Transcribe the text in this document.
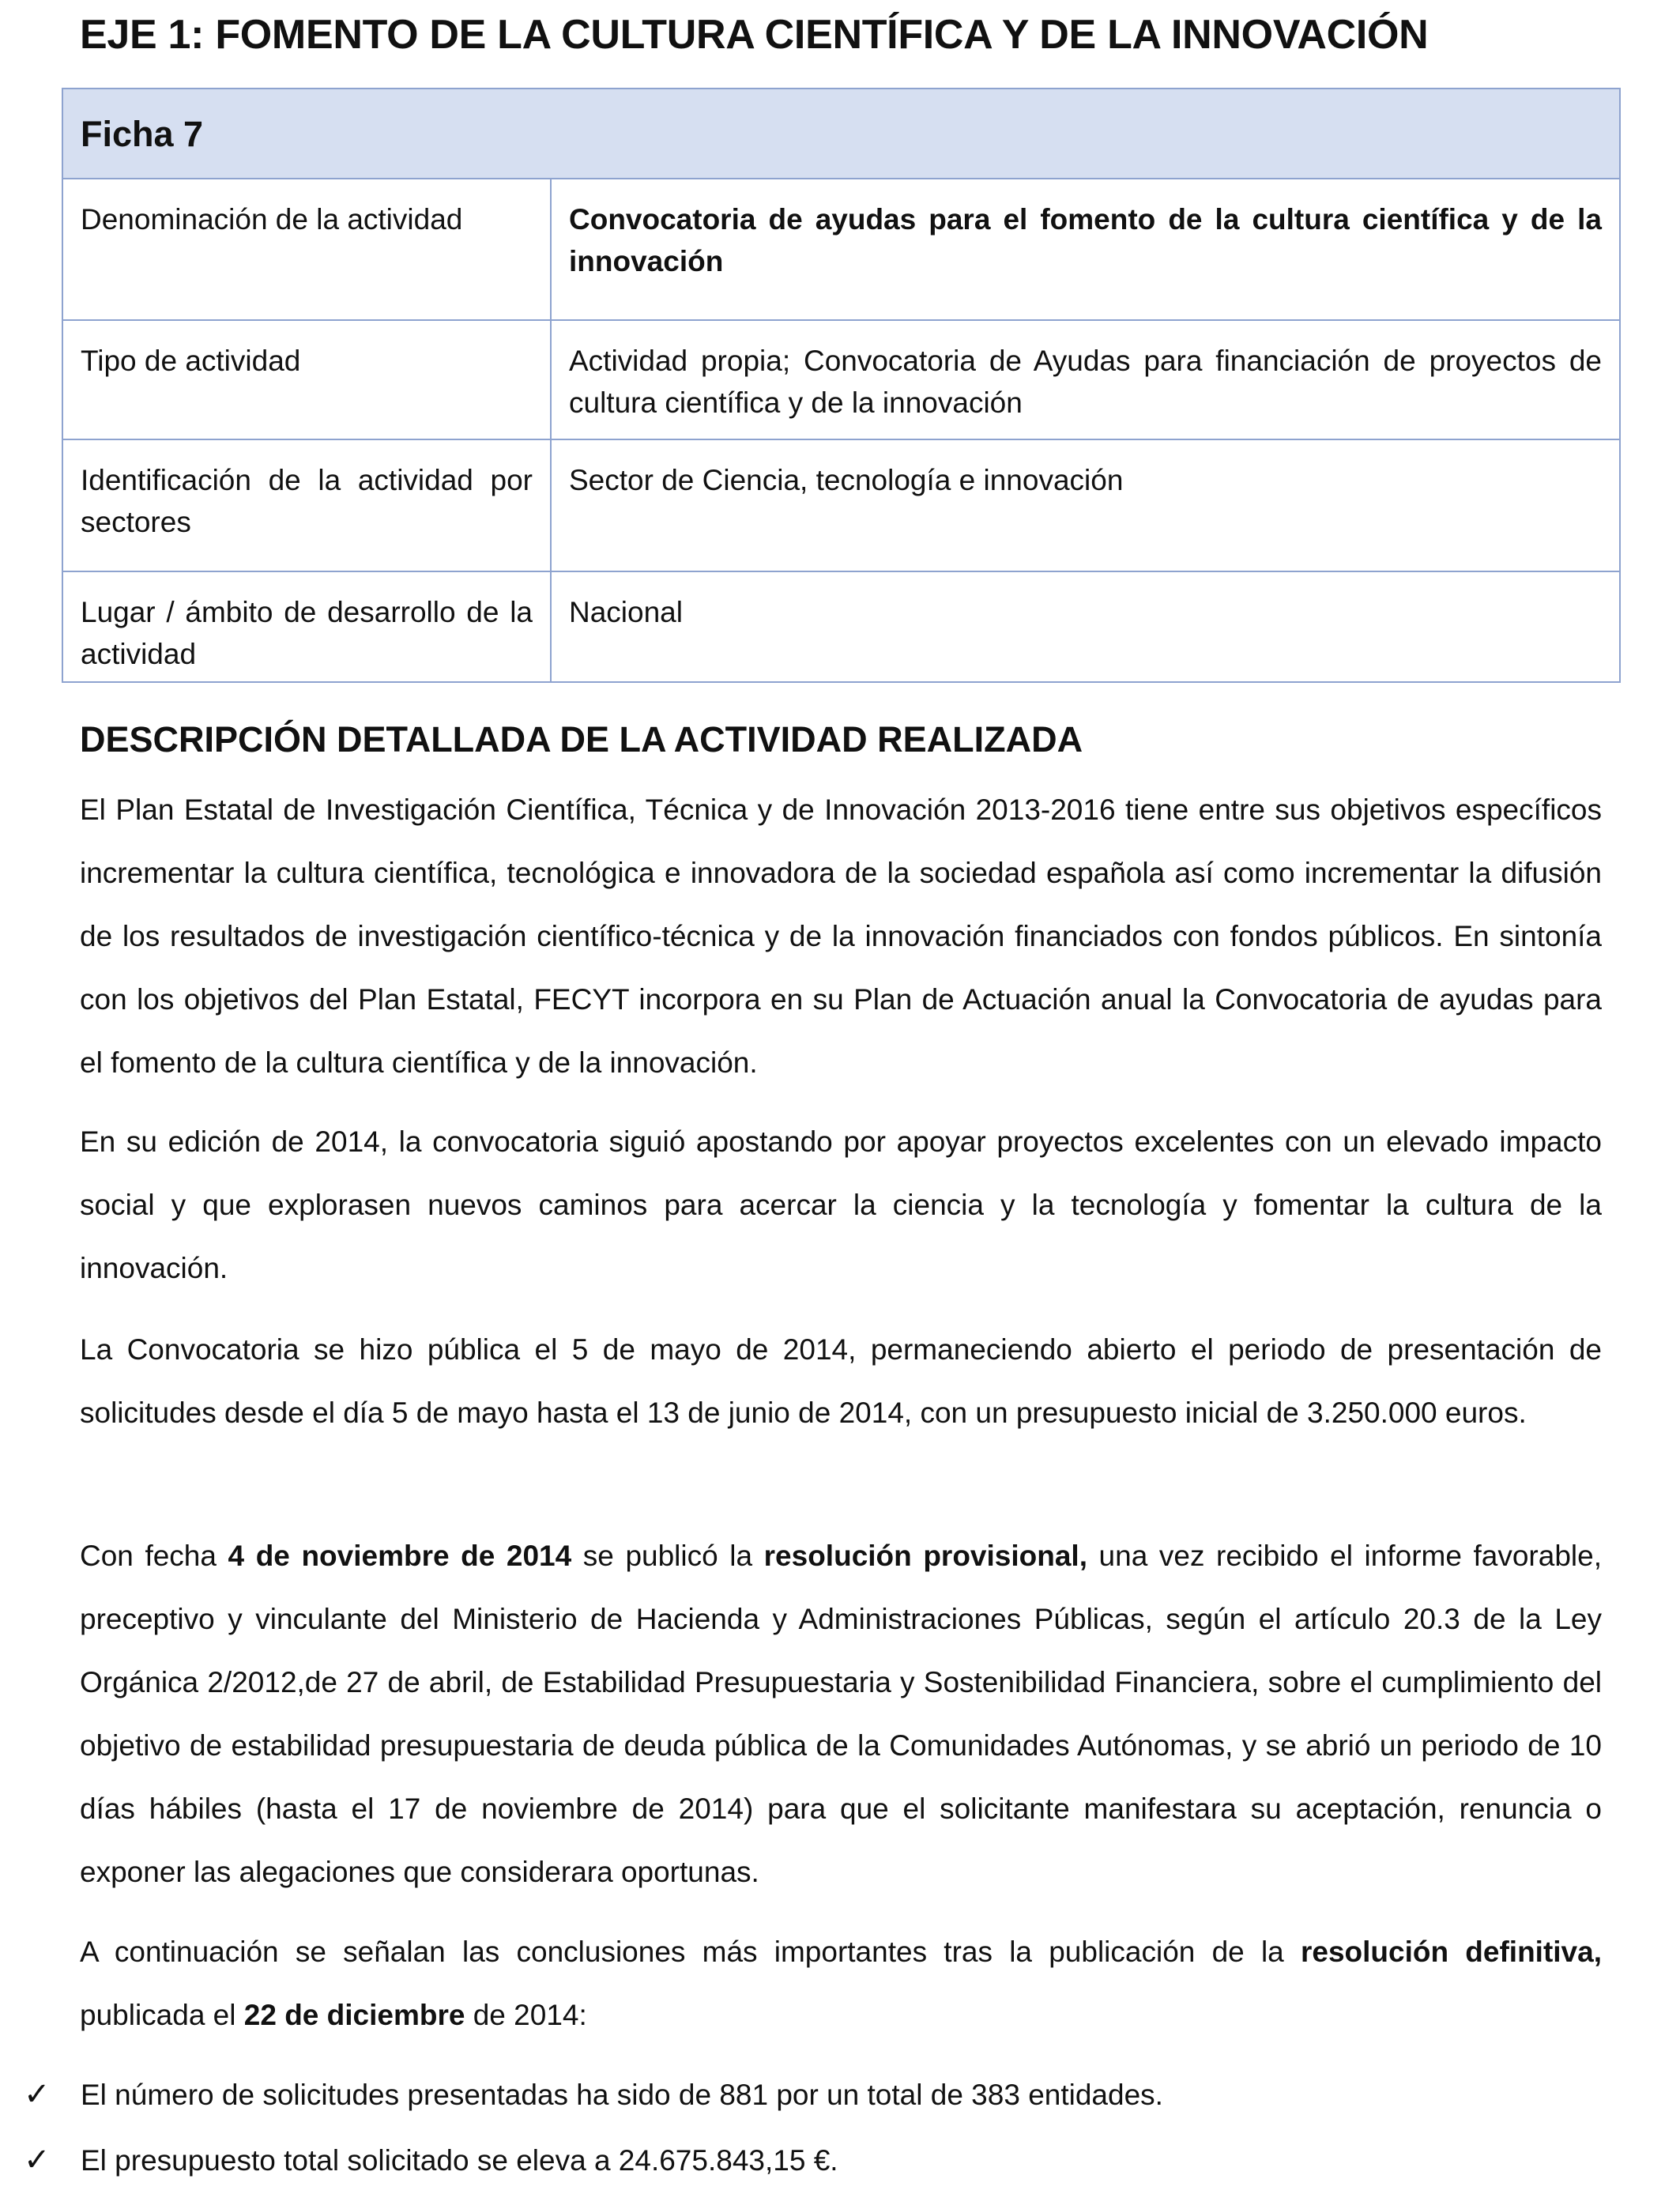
EJE 1: FOMENTO DE LA CULTURA CIENTÍFICA Y DE LA INNOVACIÓN
Ficha 7	
Denominación de la actividad	Convocatoria de ayudas para el fomento de la cultura científica y de la innovación
Tipo de actividad	Actividad propia; Convocatoria de Ayudas para financiación de proyectos de cultura científica y de la innovación
Identificación de la actividad por sectores	Sector de Ciencia, tecnología e innovación
Lugar / ámbito de desarrollo de la actividad	Nacional
DESCRIPCIÓN DETALLADA DE LA ACTIVIDAD REALIZADA

El Plan Estatal de Investigación Científica, Técnica y de Innovación 2013-2016 tiene entre sus objetivos específicos incrementar la cultura científica, tecnológica e innovadora de la sociedad española así como incrementar la difusión de los resultados de investigación científico-técnica y de la innovación financiados con fondos públicos. En sintonía con los objetivos del Plan Estatal, FECYT incorpora en su Plan de Actuación anual la Convocatoria de ayudas para el fomento de la cultura científica y de la innovación.

En su edición de 2014, la convocatoria siguió apostando por apoyar proyectos excelentes con un elevado impacto social y que explorasen nuevos caminos para acercar la ciencia y la tecnología y fomentar la cultura de la innovación.

La Convocatoria se hizo pública el 5 de mayo de 2014, permaneciendo abierto el periodo de presentación de solicitudes desde el día 5 de mayo hasta el 13 de junio de 2014, con un presupuesto inicial de 3.250.000 euros.

Con fecha 4 de noviembre de 2014 se publicó la resolución provisional, una vez recibido el informe favorable, preceptivo y vinculante del Ministerio de Hacienda y Administraciones Públicas, según el artículo 20.3 de la Ley Orgánica 2/2012,de 27 de abril, de Estabilidad Presupuestaria y Sostenibilidad Financiera, sobre el cumplimiento del objetivo de estabilidad presupuestaria de deuda pública de la Comunidades Autónomas, y se abrió un periodo de 10 días hábiles (hasta el 17 de noviembre de 2014) para que el solicitante manifestara su aceptación, renuncia o exponer las alegaciones que considerara oportunas.

A continuación se señalan las conclusiones más importantes tras la publicación de la resolución definitiva, publicada el 22 de diciembre de 2014:

✓ El número de solicitudes presentadas ha sido de 881 por un total de 383 entidades.
✓ El presupuesto total solicitado se eleva a 24.675.843,15 €.
